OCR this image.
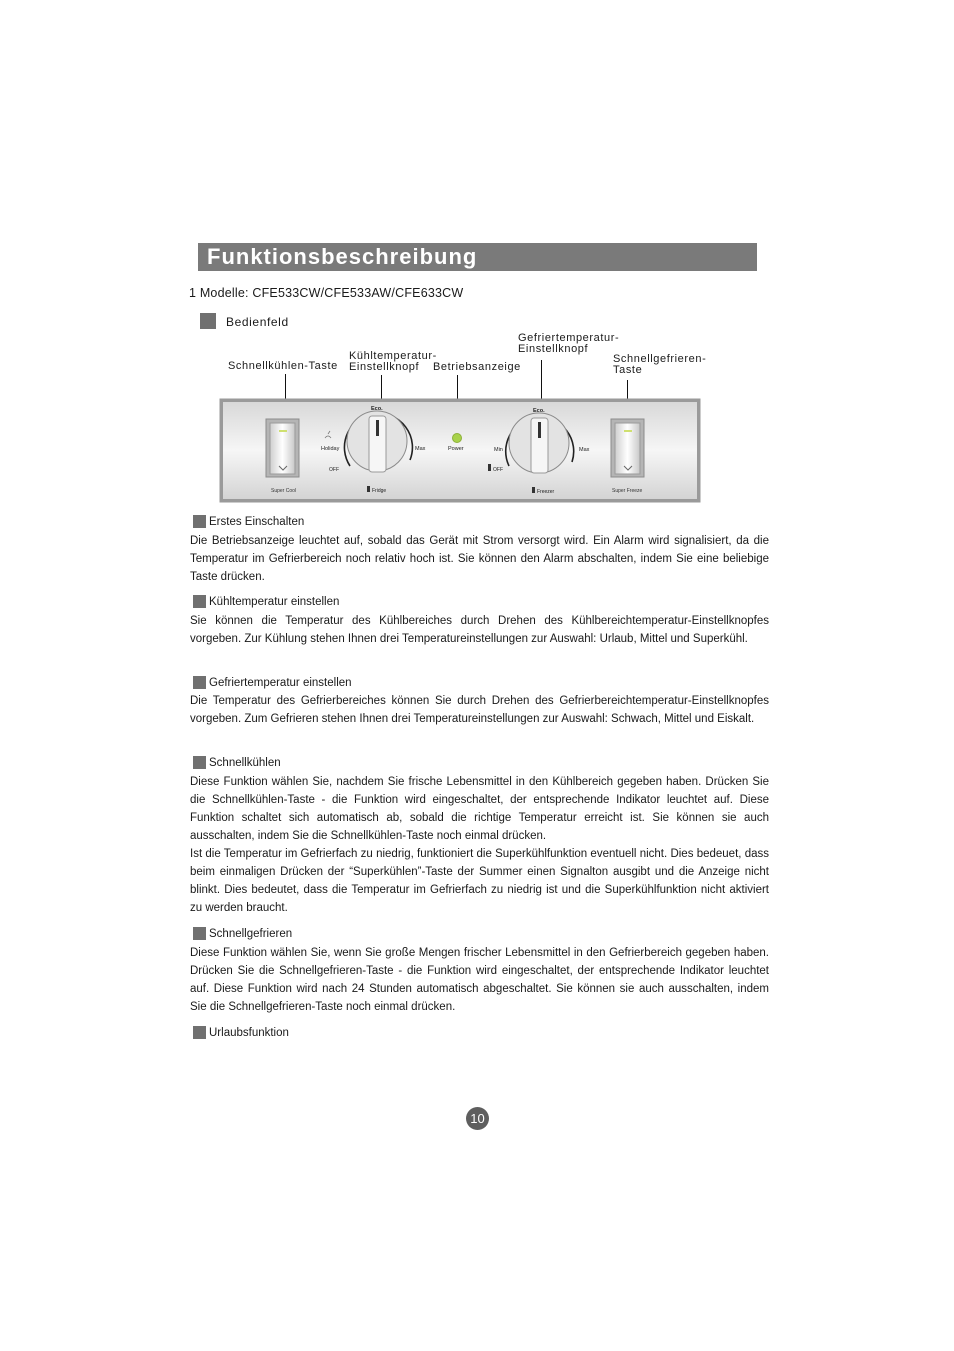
Funktionsbeschreibung
1 Modelle: CFE533CW/CFE533AW/CFE633CW
Bedienfeld
Schnellkühlen-Taste
Kühltemperatur-
Einstellknopf	Betriebsanzeige
Gefriertemperatur-
Einstellknopf
Schnellgefrieren-
Taste
Super Cool
Eco.
Holiday
OFF
Max
Fridge
Power
Eco.
Min
OFF
Max
Freezer	Super Freeze
Erstes Einschalten
Die Betriebsanzeige leuchtet auf, sobald das Gerät mit Strom versorgt wird. Ein Alarm wird signalisiert, da die Temperatur im Gefrierbereich noch relativ hoch ist. Sie können den Alarm abschalten, indem Sie eine beliebige Taste drücken.
Kühltemperatur einstellen
Sie können die Temperatur des Kühlbereiches durch Drehen des Kühlbereichtemperatur-Einstellknopfes vorgeben. Zur Kühlung stehen Ihnen drei Temperatureinstellungen zur Auswahl: Urlaub, Mittel und Superkühl.
Gefriertemperatur einstellen
Die Temperatur des Gefrierbereiches können Sie durch Drehen des Gefrierbereichtemperatur-Einstellknopfes vorgeben. Zum Gefrieren stehen Ihnen drei Temperatureinstellungen zur Auswahl: Schwach, Mittel und Eiskalt.
Schnellkühlen
Diese Funktion wählen Sie, nachdem Sie frische Lebensmittel in den Kühlbereich gegeben haben. Drücken Sie die Schnellkühlen-Taste - die Funktion wird eingeschaltet, der entsprechende Indikator leuchtet auf. Diese Funktion schaltet sich automatisch ab, sobald die richtige Temperatur erreicht ist. Sie können sie auch ausschalten, indem Sie die Schnellkühlen-Taste noch einmal drücken.
Ist die Temperatur im Gefrierfach zu niedrig, funktioniert die Superkühlfunktion eventuell nicht. Dies bedeuet, dass beim einmaligen Drücken der “Superkühlen”-Taste der Summer einen Signalton ausgibt und die Anzeige nicht blinkt. Dies bedeutet, dass die Temperatur im Gefrierfach zu niedrig ist und die Superkühlfunktion nicht aktiviert zu werden braucht.
Schnellgefrieren
Diese Funktion wählen Sie, wenn Sie große Mengen frischer Lebensmittel in den Gefrierbereich gegeben haben. Drücken Sie die Schnellgefrieren-Taste - die Funktion wird eingeschaltet, der entsprechende Indikator leuchtet auf. Diese Funktion wird nach 24 Stunden automatisch abgeschaltet. Sie können sie auch ausschalten, indem Sie die Schnellgefrieren-Taste noch einmal drücken.
Urlaubsfunktion
10
